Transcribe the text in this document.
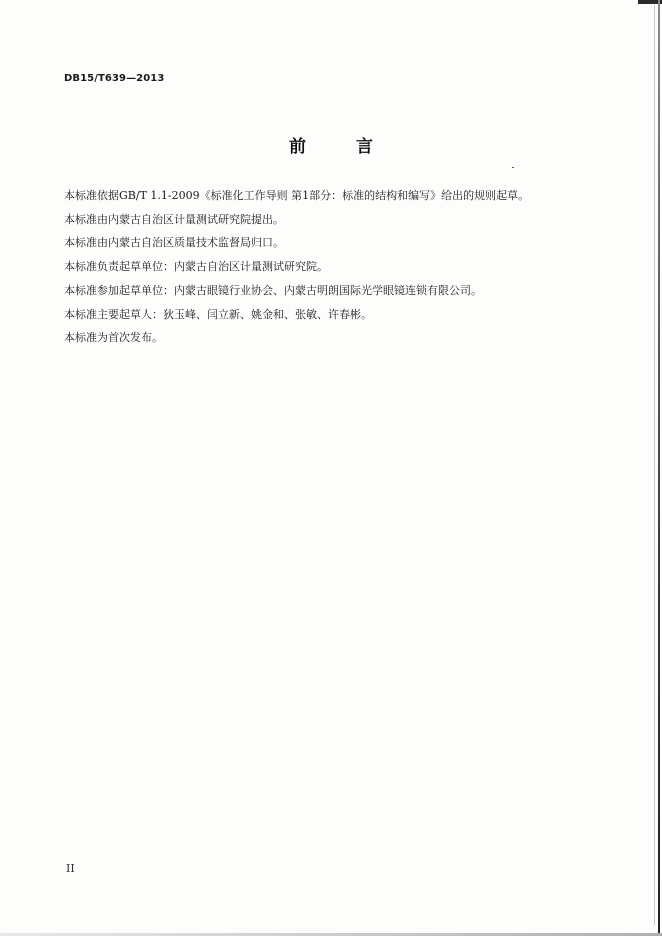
DB15/T639—2013
前 言
本标准依据GB/T 1.1-2009《标准化工作导则 第1部分：标准的结构和编写》给出的规则起草。
本标准由内蒙古自治区计量测试研究院提出。
本标准由内蒙古自治区质量技术监督局归口。
本标准负责起草单位：内蒙古自治区计量测试研究院。
本标准参加起草单位：内蒙古眼镜行业协会、内蒙古明朗国际光学眼镜连锁有限公司。
本标准主要起草人：狄玉峰、闫立新、姚金和、张敏、许春彬。
本标准为首次发布。
II
